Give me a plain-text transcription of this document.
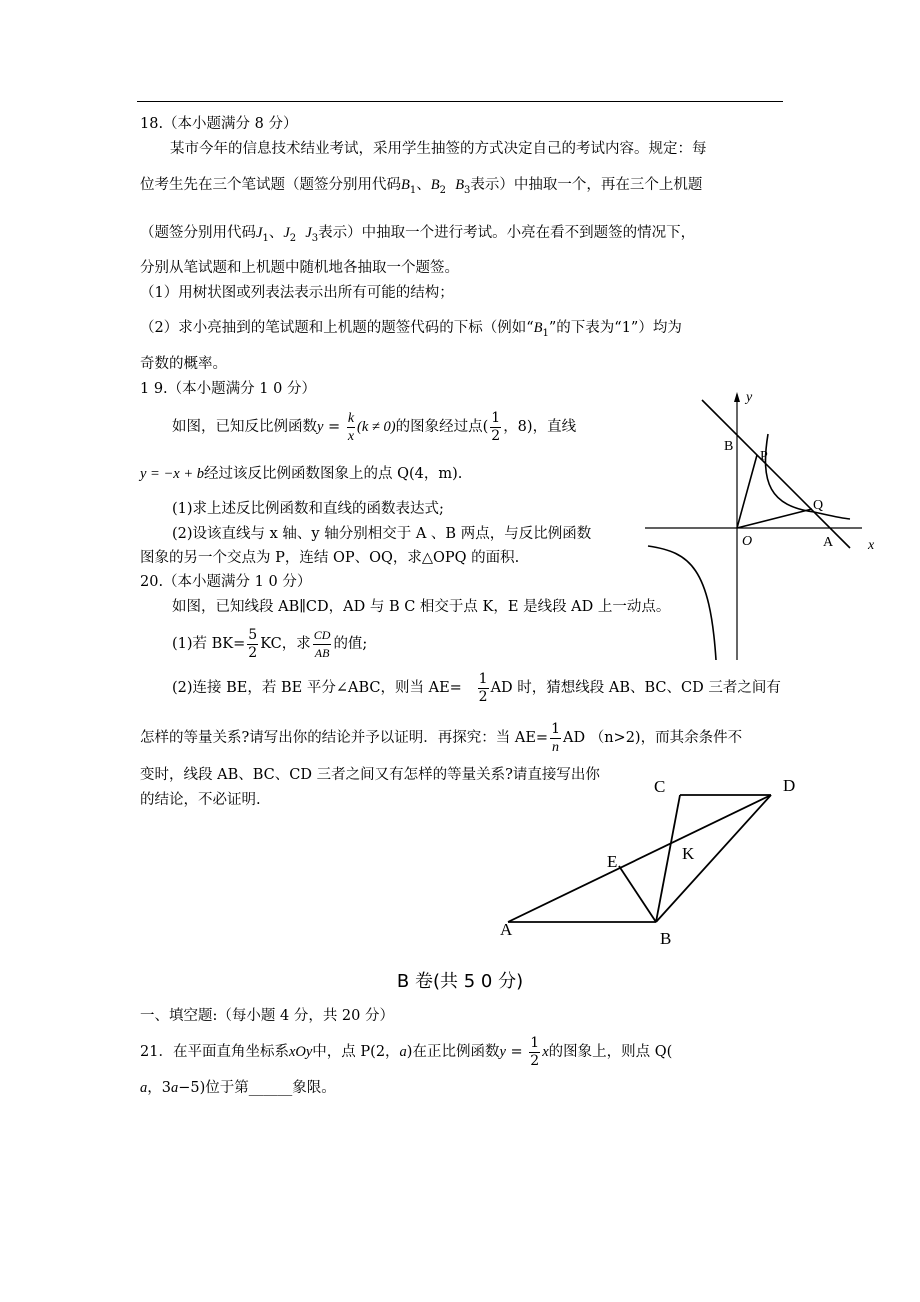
18.（本小题满分 8 分）
某市今年的信息技术结业考试，采用学生抽签的方式决定自己的考试内容。规定：每
位考生先在三个笔试题（题签分别用代码$B_1$、$B_2$ $B_3$表示）中抽取一个，再在三个上机题
（题签分别用代码$J_1$、$J_2$ $J_3$表示）中抽取一个进行考试。小亮在看不到题签的情况下，
分别从笔试题和上机题中随机地各抽取一个题签。
（1）用树状图或列表法表示出所有可能的结构；
（2）求小亮抽到的笔试题和上机题的题签代码的下标（例如“$B_1$”的下表为“1”）均为
奇数的概率。
1 9.（本小题满分 1 0 分）
如图，已知反比例函数$y = \frac{k}{x} (k \ne 0)$的图象经过点( $\frac{1}{2}$ ，8)，直线
y = −x + b经过该反比例函数图象上的点 Q(4，m).
(1)求上述反比例函数和直线的函数表达式;
(2)设该直线与 x 轴、y 轴分别相交于 A 、B 两点，与反比例函数
图象的另一个交点为 P，连结 OP、OQ，求△OPQ 的面积.
20.（本小题满分 1 0 分）
如图，已知线段 AB∥CD，AD 与 B C 相交于点 K，E 是线段 AD 上一动点。
(1)若 $BK= \frac{5}{2}$ KC，求 $\frac{CD}{AB}$ 的值;
(2)连接 BE，若 BE 平分∠ABC，则当 $AE= \frac{1}{2}$ AD 时，猜想线段 AB、BC、CD 三者之间有
怎样的等量关系?请写出你的结论并予以证明．再探究：当 $AE= \frac{1}{n}$ AD （n>2)，而其余条件不
变时，线段 AB、BC、CD 三者之间又有怎样的等量关系?请直接写出你
的结论，不必证明.
B 卷(共 5 0 分)
一、填空题:（每小题 4 分，共 20 分）
21．在平面直角坐标系xOy中，点 P(2，a)在正比例函数$y = \frac{1}{2}$ x的图象上，则点 Q(
a，3a−5)位于第______象限。
y
B
P
Q
O	A x
C	D
E	K
A	B
